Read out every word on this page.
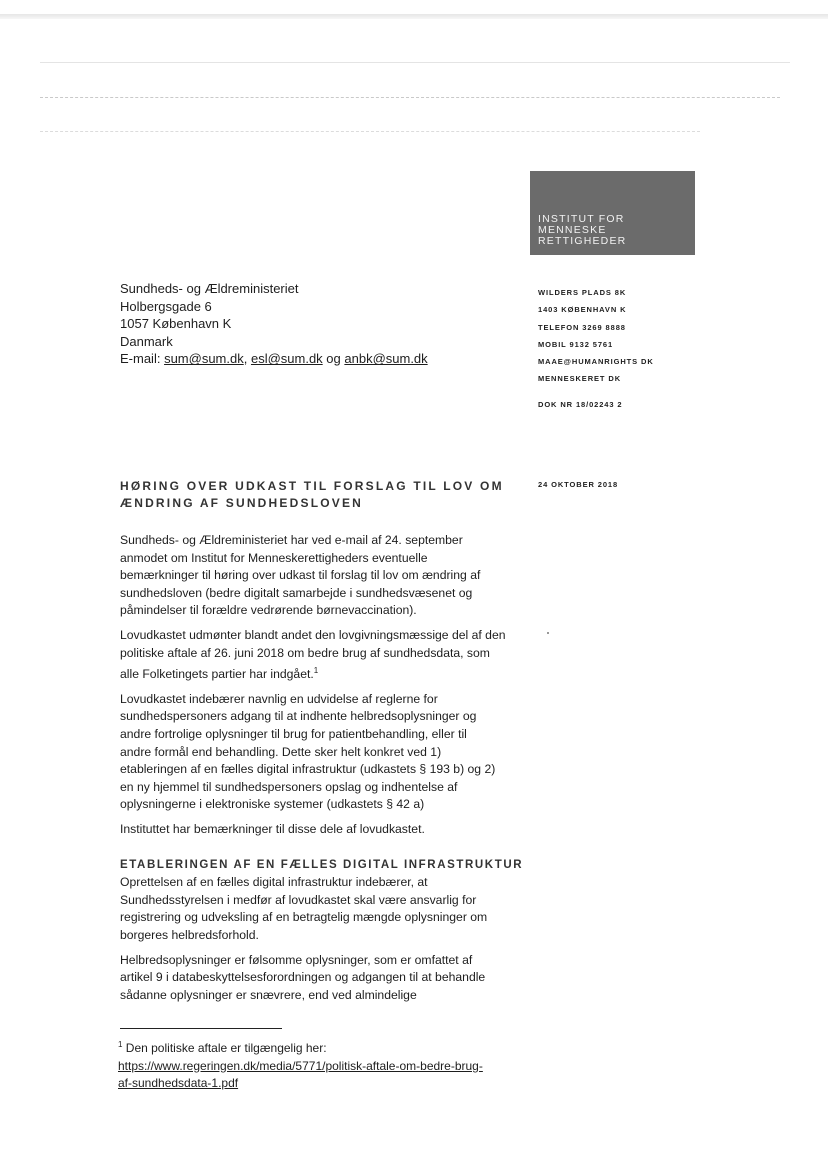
INSTITUT FOR
MENNESKE
RETTIGHEDER
Sundheds- og Ældreministeriet
Holbergsgade 6
1057 København K
Danmark
E-mail: sum@sum.dk, esl@sum.dk og anbk@sum.dk
WILDERS PLADS 8K
1403 KØBENHAVN K
TELEFON 3269 8888
MOBIL 9132 5761
MAAE@HUMANRIGHTS DK
MENNESKERET DK
DOK NR 18/02243 2
24 OKTOBER 2018
HØRING OVER UDKAST TIL FORSLAG TIL LOV OM
ÆNDRING AF SUNDHEDSLOVEN

Sundheds- og Ældreministeriet har ved e-mail af 24. september
anmodet om Institut for Menneskerettigheders eventuelle
bemærkninger til høring over udkast til forslag til lov om ændring af
sundhedsloven (bedre digitalt samarbejde i sundhedsvæsenet og
påmindelser til forældre vedrørende børnevaccination).

Lovudkastet udmønter blandt andet den lovgivningsmæssige del af den
politiske aftale af 26. juni 2018 om bedre brug af sundhedsdata, som
alle Folketingets partier har indgået.$^1$

Lovudkastet indebærer navnlig en udvidelse af reglerne for
sundhedspersoners adgang til at indhente helbredsoplysninger og
andre fortrolige oplysninger til brug for patientbehandling, eller til
andre formål end behandling. Dette sker helt konkret ved 1)
etableringen af en fælles digital infrastruktur (udkastets § 193 b) og 2)
en ny hjemmel til sundhedspersoners opslag og indhentelse af
oplysningerne i elektroniske systemer (udkastets § 42 a)

Instituttet har bemærkninger til disse dele af lovudkastet.

ETABLERINGEN AF EN FÆLLES DIGITAL INFRASTRUKTUR

Oprettelsen af en fælles digital infrastruktur indebærer, at
Sundhedsstyrelsen i medfør af lovudkastet skal være ansvarlig for
registrering og udveksling af en betragtelig mængde oplysninger om
borgeres helbredsforhold.

Helbredsoplysninger er følsomme oplysninger, som er omfattet af
artikel 9 i databeskyttelsesforordningen og adgangen til at behandle
sådanne oplysninger er snævrere, end ved almindelige

$^1$ Den politiske aftale er tilgængelig her:
https://www.regeringen.dk/media/5771/politisk-aftale-om-bedre-brug-
af-sundhedsdata-1.pdf
